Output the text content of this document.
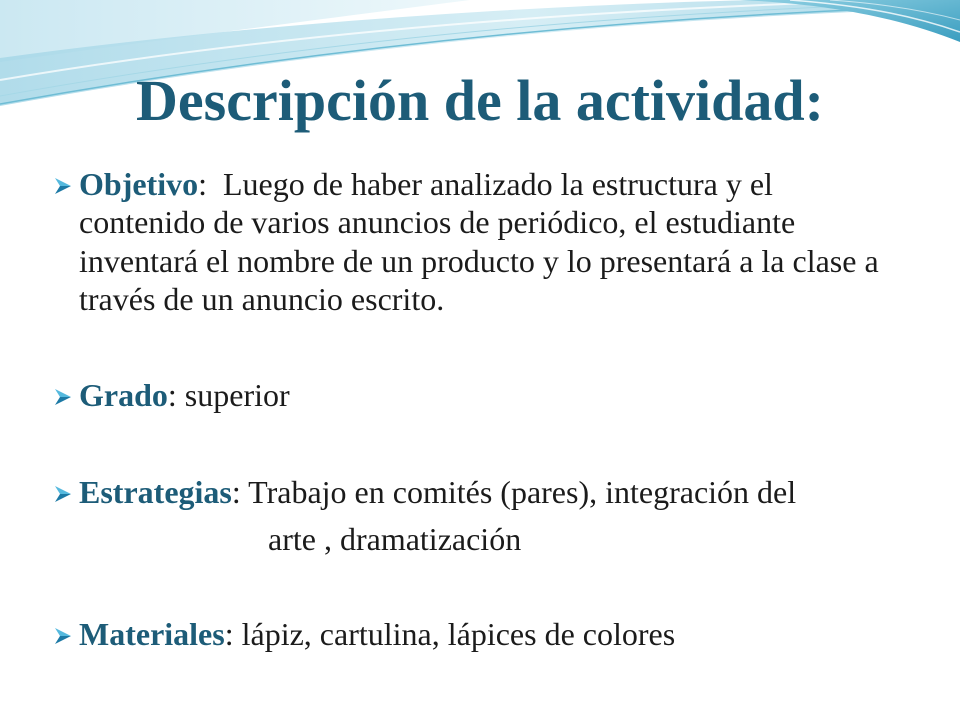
Descripción de la actividad:

Objetivo:  Luego de haber analizado la estructura y el contenido de varios anuncios de periódico, el estudiante inventará el nombre de un producto y lo presentará a la clase a través de un anuncio escrito.

Grado: superior

Estrategias: Trabajo en comités (pares), integración del

arte , dramatización

Materiales: lápiz, cartulina, lápices de colores
